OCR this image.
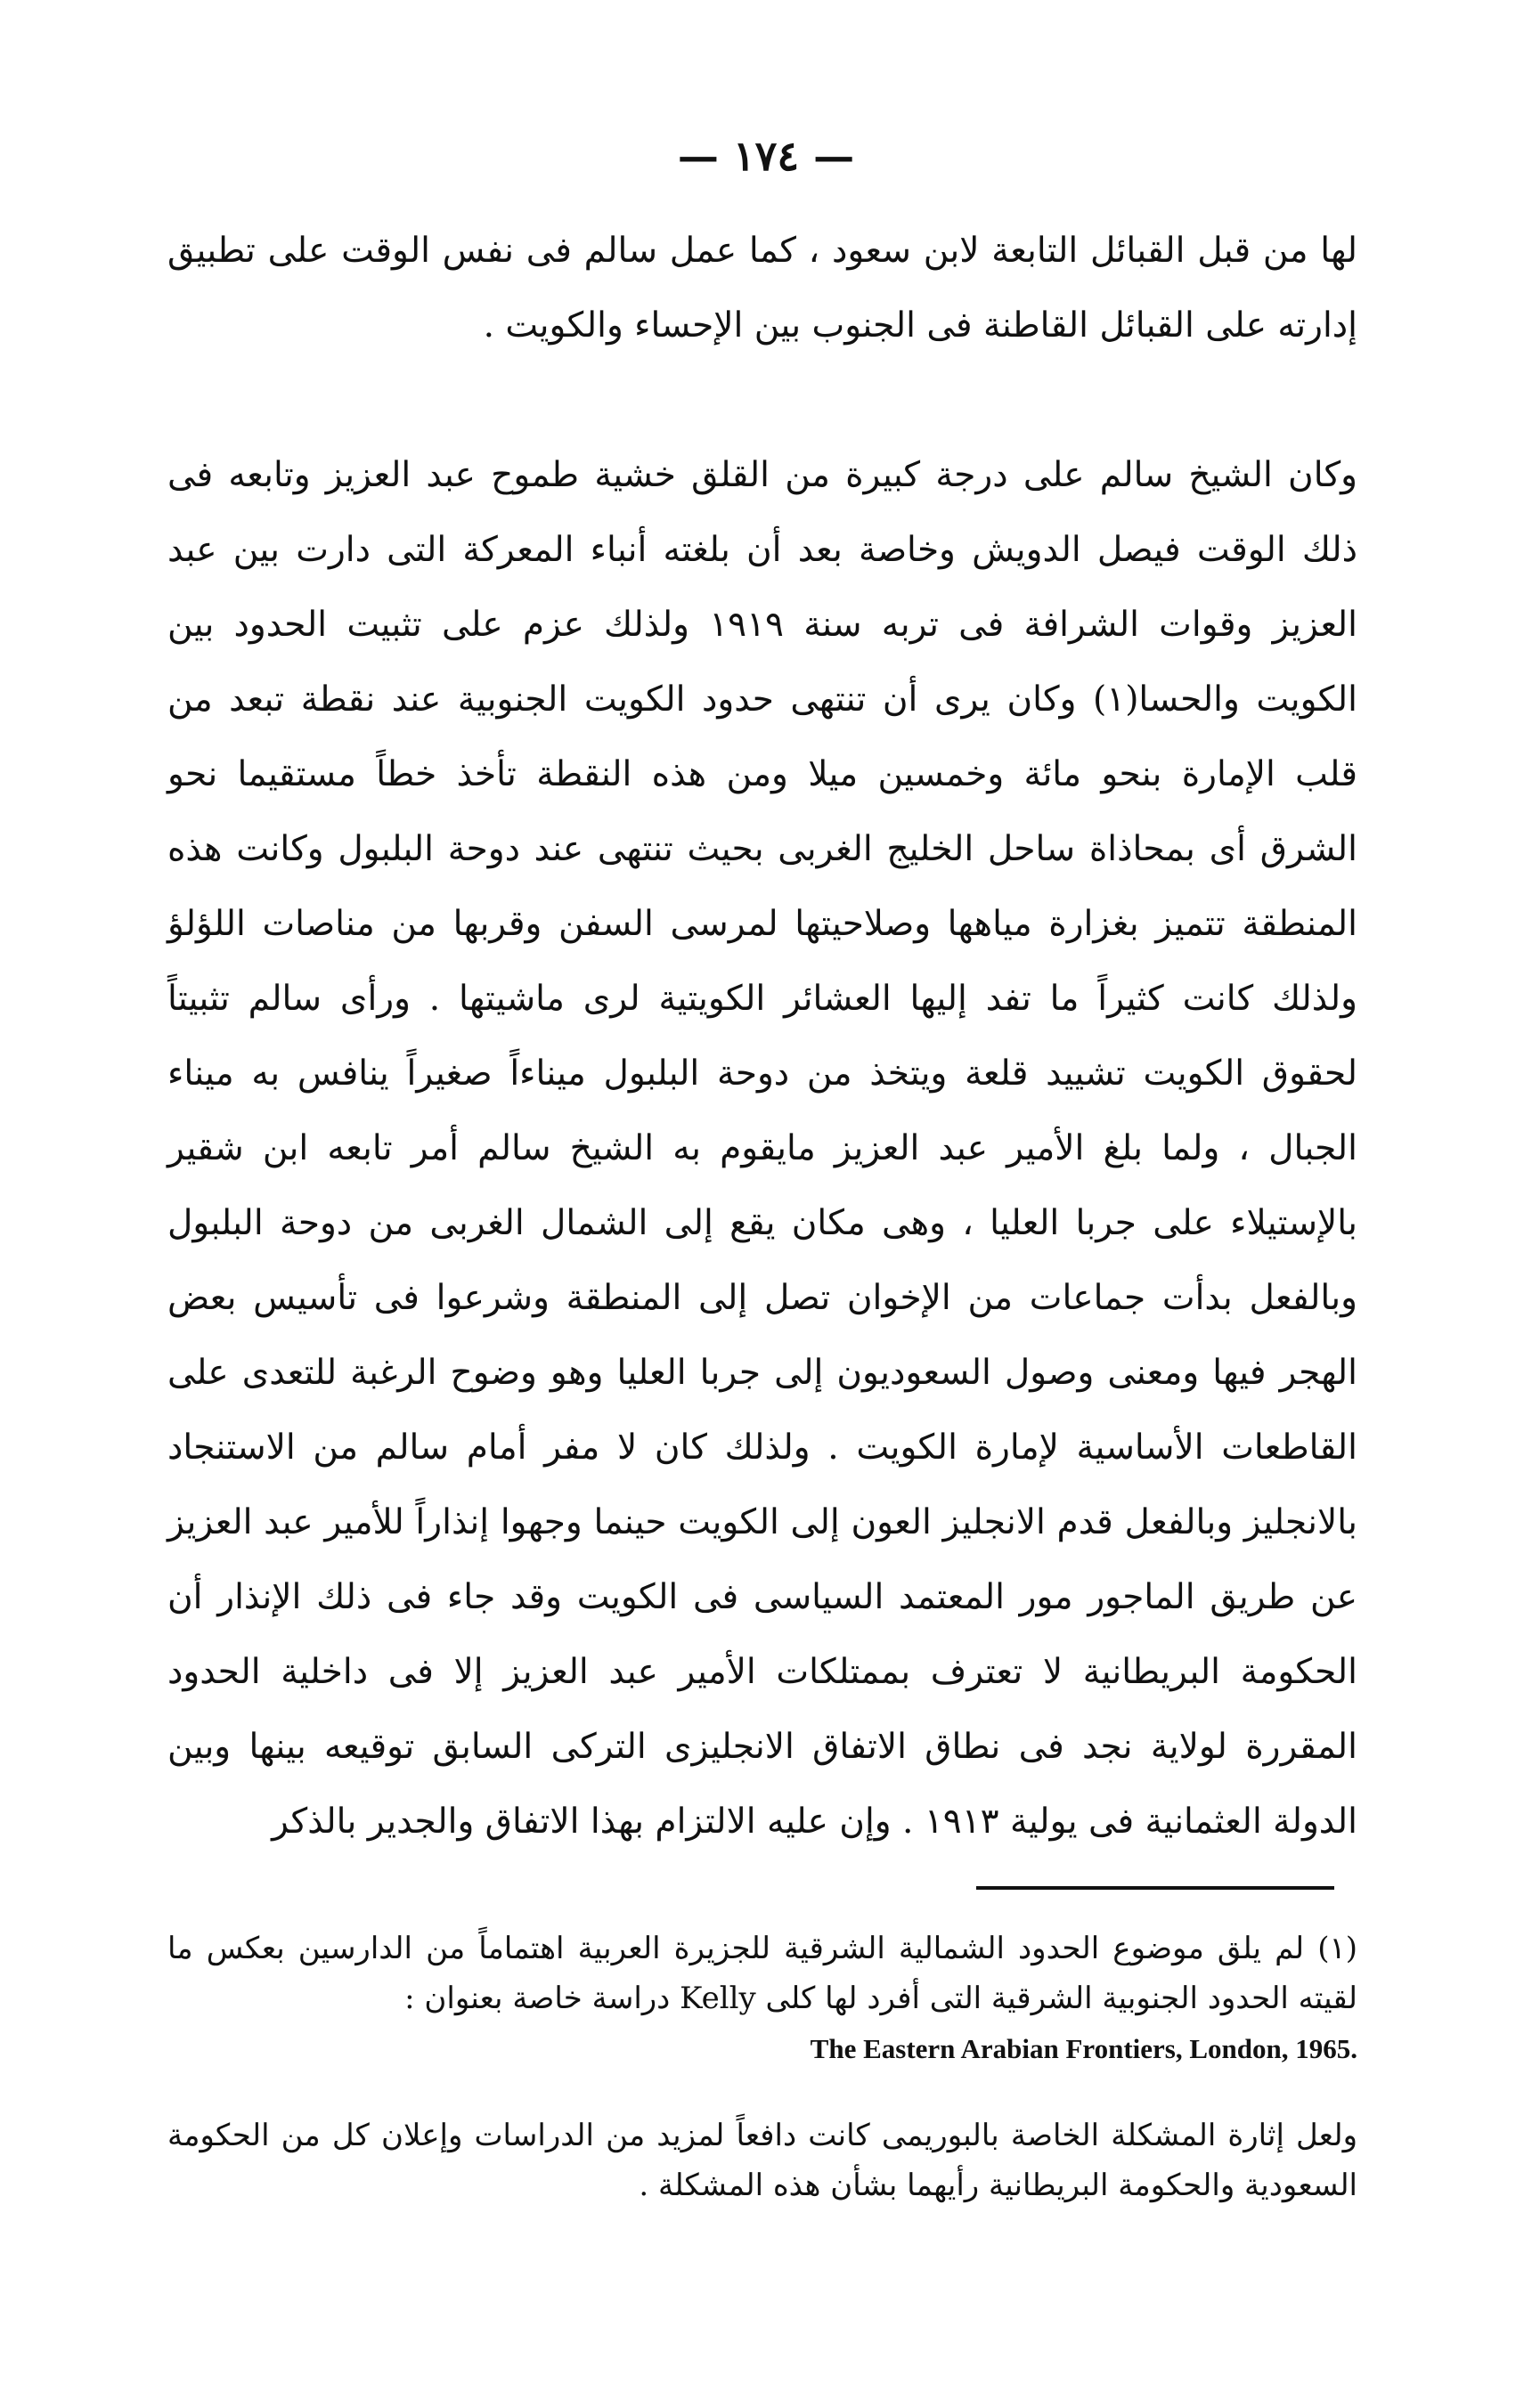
— ١٧٤ —

لها من قبل القبائل التابعة لابن سعود ، كما عمل سالم فى نفس الوقت على تطبيق إدارته على القبائل القاطنة فى الجنوب بين الإحساء والكويت .

وكان الشيخ سالم على درجة كبيرة من القلق خشية طموح عبد العزيز وتابعه فى ذلك الوقت فيصل الدويش وخاصة بعد أن بلغته أنباء المعركة التى دارت بين عبد العزيز وقوات الشرافة فى تربه سنة ١٩١٩ ولذلك عزم على تثبيت الحدود بين الكويت والحسا(١) وكان يرى أن تنتهى حدود الكويت الجنوبية عند نقطة تبعد من قلب الإمارة بنحو مائة وخمسين ميلا ومن هذه النقطة تأخذ خطاً مستقيما نحو الشرق أى بمحاذاة ساحل الخليج الغربى بحيث تنتهى عند دوحة البلبول وكانت هذه المنطقة تتميز بغزارة مياهها وصلاحيتها لمرسى السفن وقربها من مناصات اللؤلؤ ولذلك كانت كثيراً ما تفد إليها العشائر الكويتية لرى ماشيتها . ورأى سالم تثبيتاً لحقوق الكويت تشييد قلعة ويتخذ من دوحة البلبول ميناءاً صغيراً ينافس به ميناء الجبال ، ولما بلغ الأمير عبد العزيز مايقوم به الشيخ سالم أمر تابعه ابن شقير بالإستيلاء على جربا العليا ، وهى مكان يقع إلى الشمال الغربى من دوحة البلبول وبالفعل بدأت جماعات من الإخوان تصل إلى المنطقة وشرعوا فى تأسيس بعض الهجر فيها ومعنى وصول السعوديون إلى جربا العليا وهو وضوح الرغبة للتعدى على القاطعات الأساسية لإمارة الكويت . ولذلك كان لا مفر أمام سالم من الاستنجاد بالانجليز وبالفعل قدم الانجليز العون إلى الكويت حينما وجهوا إنذاراً للأمير عبد العزيز عن طريق الماجور مور المعتمد السياسى فى الكويت وقد جاء فى ذلك الإنذار أن الحكومة البريطانية لا تعترف بممتلكات الأمير عبد العزيز إلا فى داخلية الحدود المقررة لولاية نجد فى نطاق الاتفاق الانجليزى التركى السابق توقيعه بينها وبين الدولة العثمانية فى يولية ١٩١٣ . وإن عليه الالتزام بهذا الاتفاق والجدير بالذكر

(١) لم يلق موضوع الحدود الشمالية الشرقية للجزيرة العربية اهتماماً من الدارسين بعكس ما لقيته الحدود الجنوبية الشرقية التى أفرد لها كلى Kelly دراسة خاصة بعنوان :

The Eastern Arabian Frontiers, London, 1965.

ولعل إثارة المشكلة الخاصة بالبوريمى كانت دافعاً لمزيد من الدراسات وإعلان كل من الحكومة السعودية والحكومة البريطانية رأيهما بشأن هذه المشكلة .
